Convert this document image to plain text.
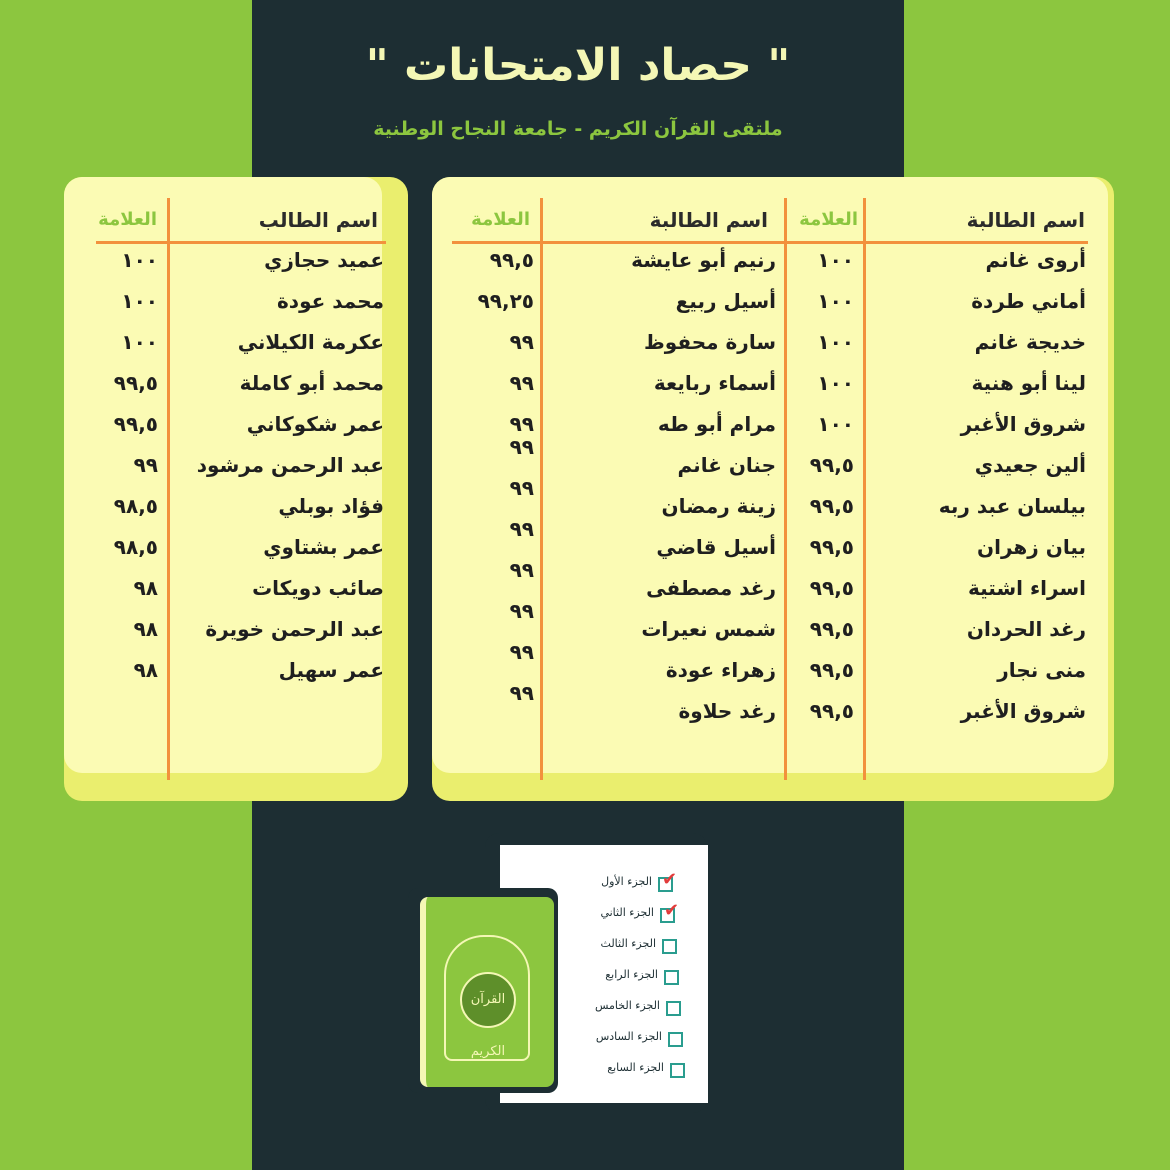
" حصاد الامتحانات "
ملتقى القرآن الكريم - جامعة النجاح الوطنية
اسم الطالبة
العلامة
اسم الطالبة
العلامة
أروى غانم
١٠٠
أماني طردة
١٠٠
خديجة غانم
١٠٠
لينا أبو هنية
١٠٠
شروق الأغبر
١٠٠
ألين جعيدي
٩٩,٥
بيلسان عبد ربه
٩٩,٥
بيان زهران
٩٩,٥
اسراء اشتية
٩٩,٥
رغد الحردان
٩٩,٥
منى نجار
٩٩,٥
شروق الأغبر
٩٩,٥
رنيم أبو عايشة
٩٩,٥
أسيل ربيع
٩٩,٢٥
سارة محفوظ
٩٩
أسماء ربايعة
٩٩
مرام أبو طه
٩٩
جنان غانم
٩٩
زينة رمضان
٩٩
أسيل قاضي
٩٩
رغد مصطفى
٩٩
شمس نعيرات
٩٩
زهراء عودة
٩٩
رغد حلاوة
٩٩
اسم الطالب
العلامة
عميد حجازي
١٠٠
محمد عودة
١٠٠
عكرمة الكيلاني
١٠٠
محمد أبو كاملة
٩٩,٥
عمر شكوكاني
٩٩,٥
عبد الرحمن مرشود
٩٩
فؤاد بوبلي
٩٨,٥
عمر بشتاوي
٩٨,٥
صائب دويكات
٩٨
عبد الرحمن خويرة
٩٨
عمر سهيل
٩٨
الجزء الأول ✔
الجزء الثاني ✔
الجزء الثالث
الجزء الرابع
الجزء الخامس
الجزء السادس
الجزء السابع
القرآن الكريم
